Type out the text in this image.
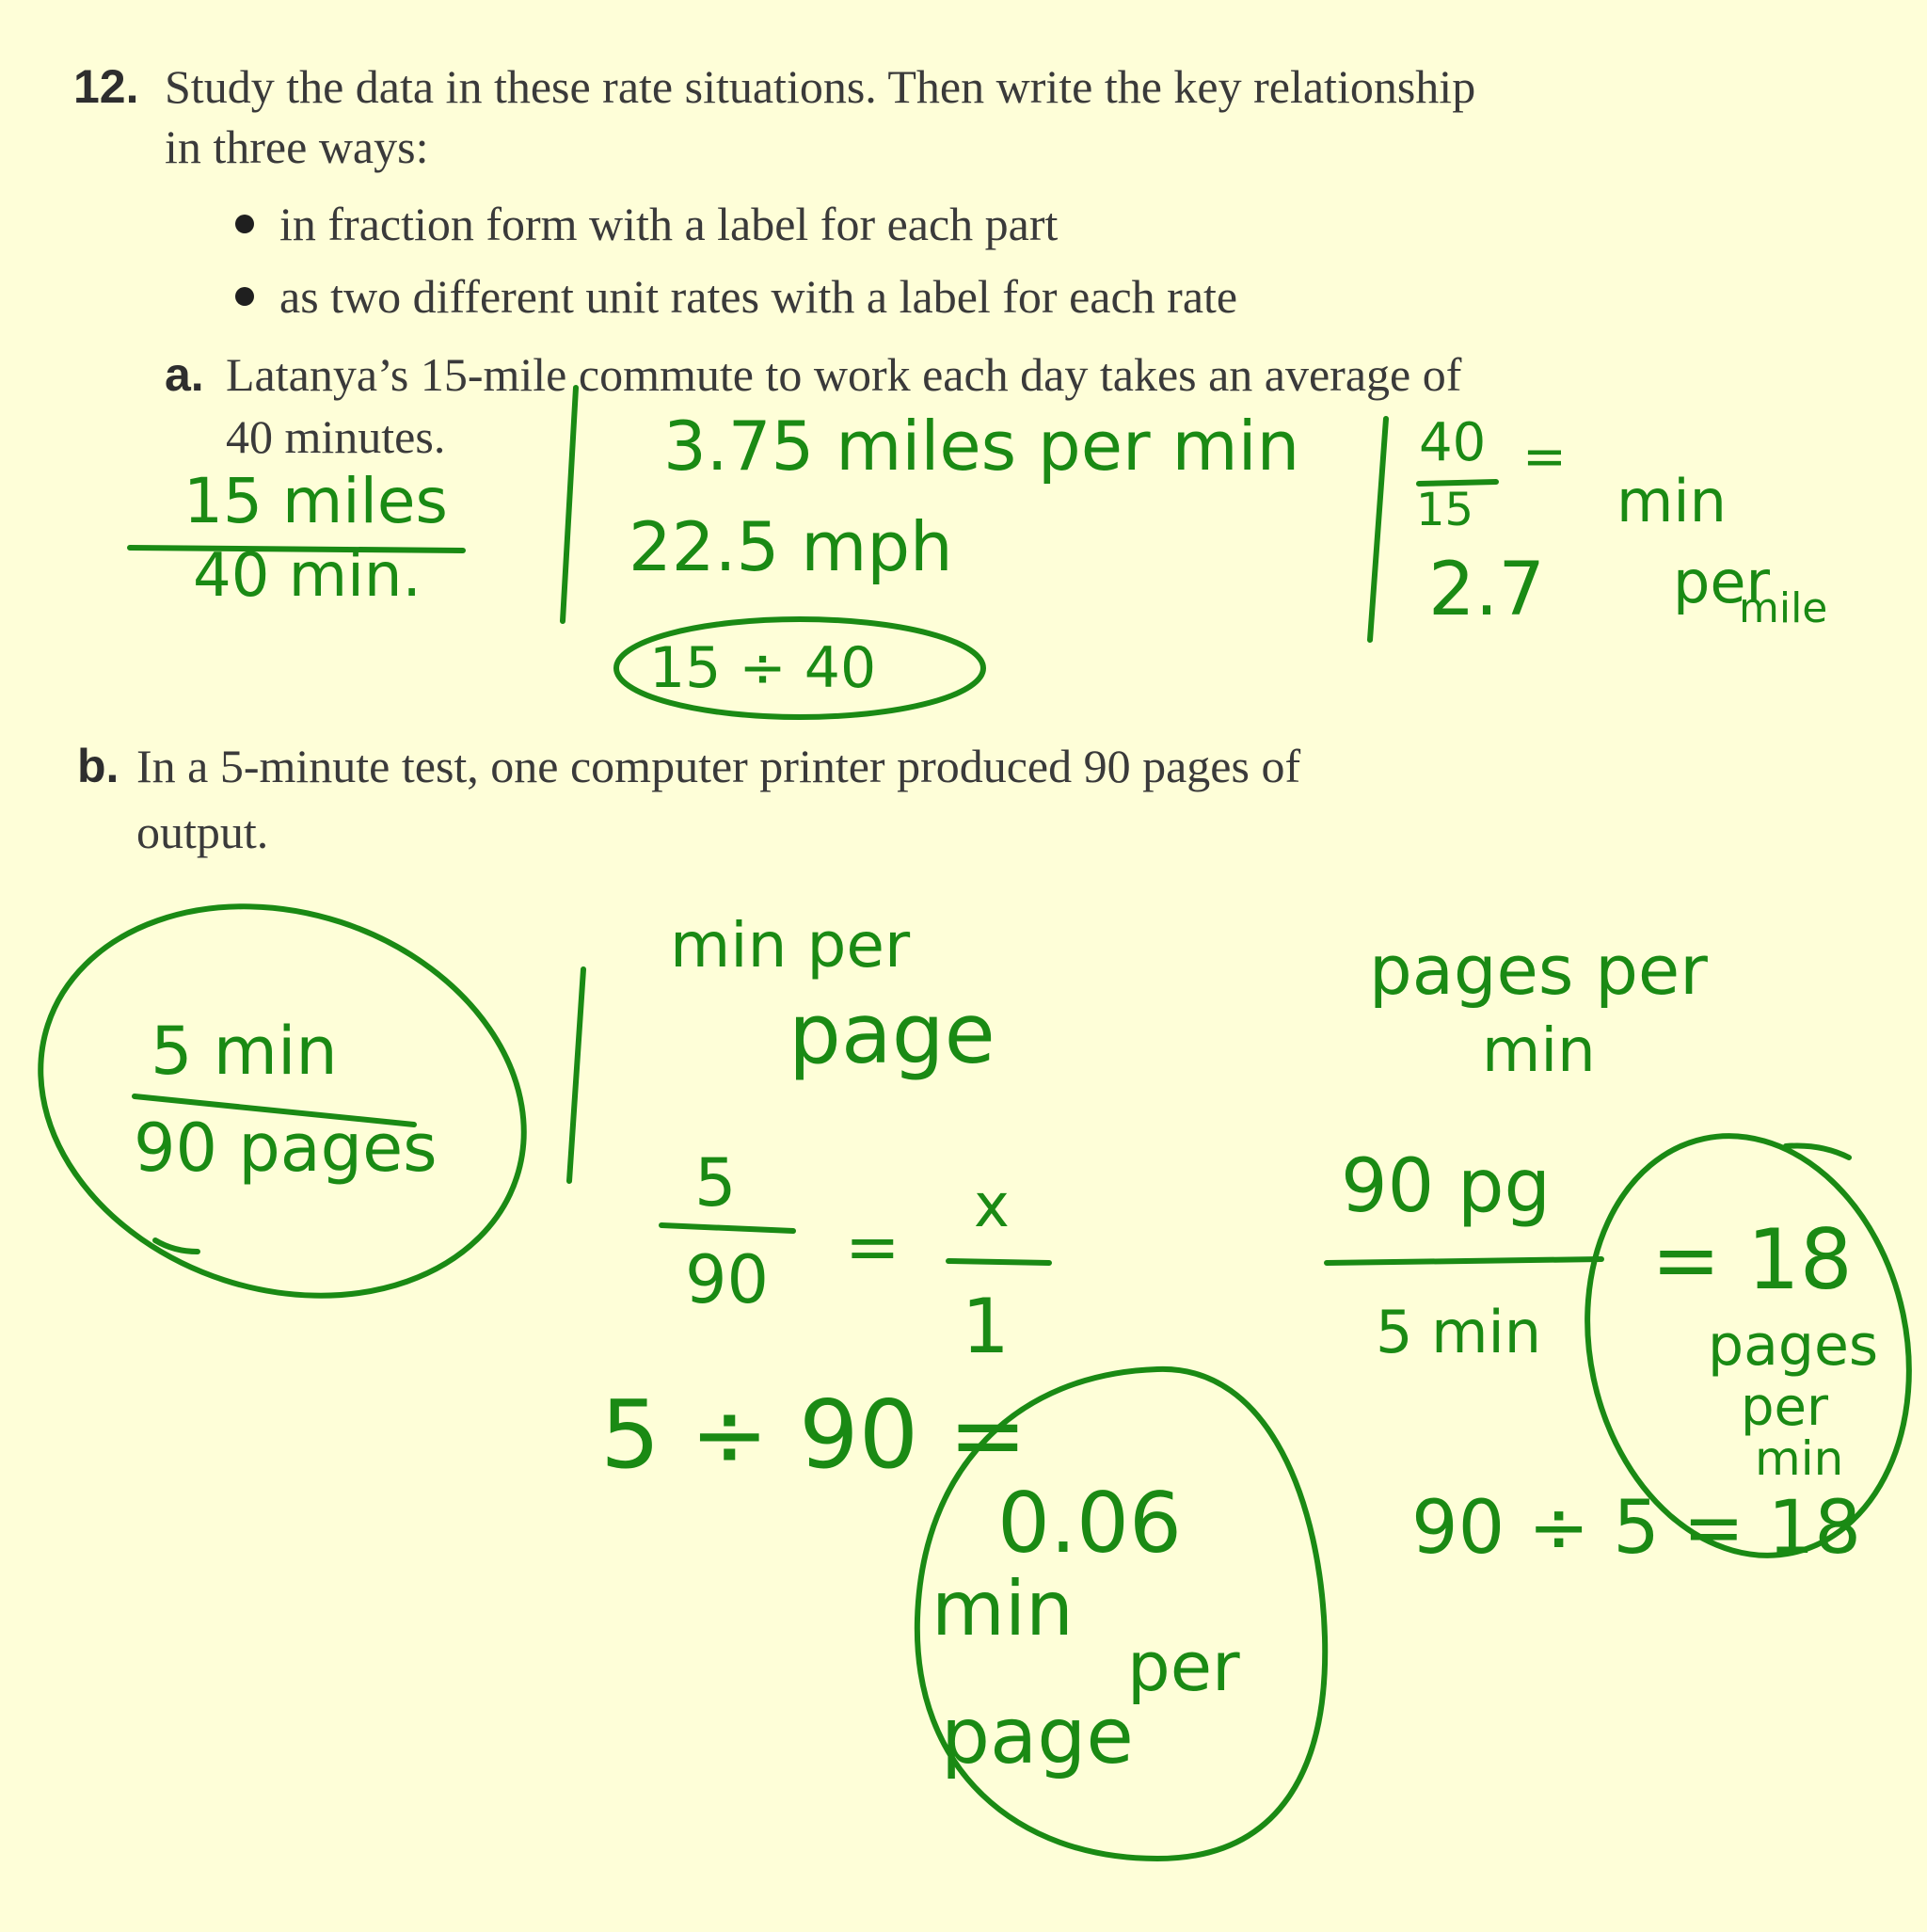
12. Study the data in these rate situations. Then write the key relationship
in three ways:
in fraction form with a label for each part
as two different unit rates with a label for each rate
a. Latanya’s 15-mile commute to work each day takes an average of
40 minutes.
b. In a 5-minute test, one computer printer produced 90 pages of
output.
15 miles
40 min.
3.75 miles per min
22.5 mph
15 ÷ 40
40 =
15
2.7
min
per
mile
5 min
90 pages
min per
page
5
90 =
x
1
5 ÷ 90 =
0.06
min
per
page
pages per
min
90 pg
5 min
= 18
pages
per
min
90 ÷ 5 = 18
